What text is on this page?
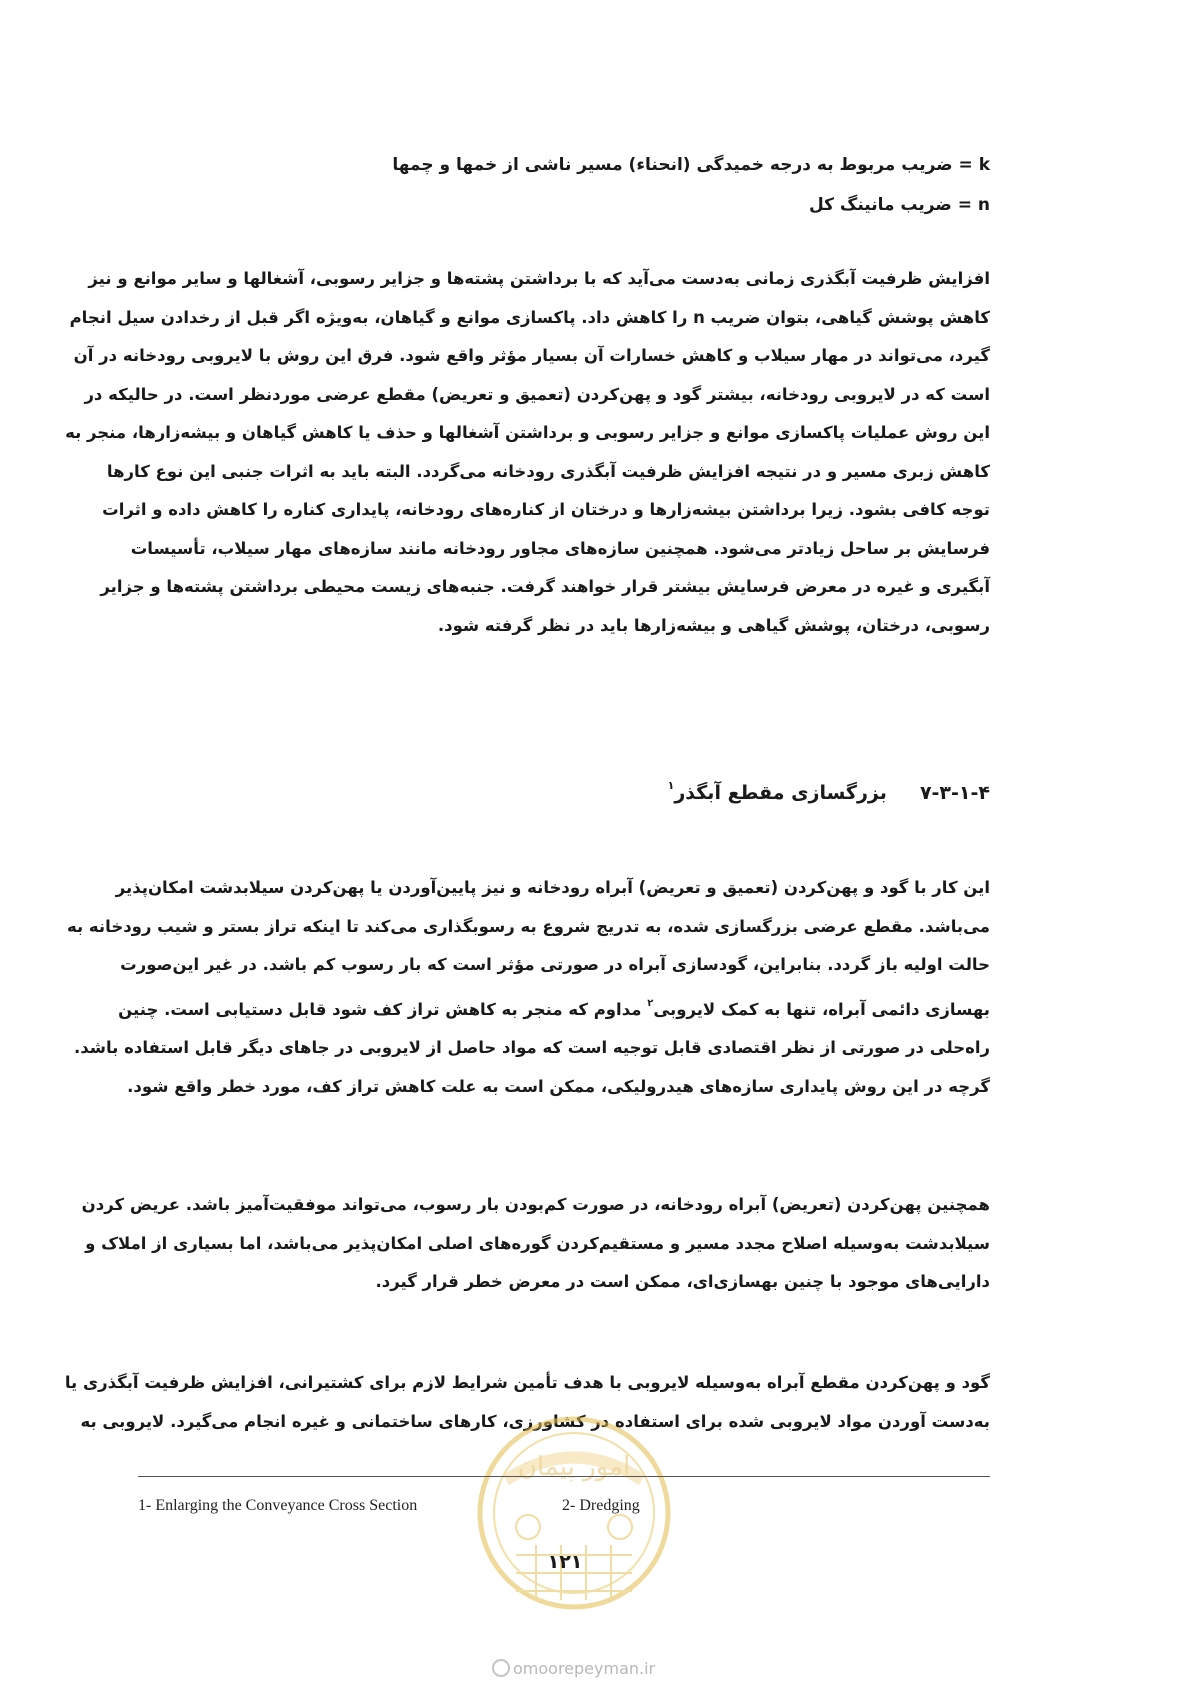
k = ضریب مربوط به درجه خمیدگی (انحناء) مسیر ناشی از خمها و چمها

n = ضریب مانینگ کل

افزایش ظرفیت آبگذری زمانی به‌دست می‌آید که با برداشتن پشته‌ها و جزایر رسوبی، آشغالها و سایر موانع و نیز
کاهش پوشش گیاهی، بتوان ضریب n را کاهش داد. پاکسازی موانع و گیاهان، به‌ویژه اگر قبل از رخدادن سیل انجام
گیرد، می‌تواند در مهار سیلاب و کاهش خسارات آن بسیار مؤثر واقع شود. فرق این روش با لایروبی رودخانه در آن
است که در لایروبی رودخانه، بیشتر گود و پهن‌کردن (تعمیق و تعریض) مقطع عرضی موردنظر است. در حالیکه در
این روش عملیات پاکسازی موانع و جزایر رسوبی و برداشتن آشغالها و حذف یا کاهش گیاهان و بیشه‌زارها، منجر به
کاهش زبری مسیر و در نتیجه افزایش ظرفیت آبگذری رودخانه می‌گردد. البته باید به اثرات جنبی این نوع کارها
توجه کافی بشود. زیرا برداشتن بیشه‌زارها و درختان از کناره‌های رودخانه، پایداری کناره را کاهش داده و اثرات
فرسایش بر ساحل زیادتر می‌شود. همچنین سازه‌های مجاور رودخانه مانند سازه‌های مهار سیلاب، تأسیسات
آبگیری و غیره در معرض فرسایش بیشتر قرار خواهند گرفت. جنبه‌های زیست محیطی برداشتن پشته‌ها و جزایر
رسوبی، درختان، پوشش گیاهی و بیشه‌زارها باید در نظر گرفته شود.
۷-۳-۱-۴     بزرگسازی مقطع آبگذر$^۱$
این کار با گود و پهن‌کردن (تعمیق و تعریض) آبراه رودخانه و نیز پایین‌آوردن یا پهن‌کردن سیلابدشت امکان‌پذیر
می‌باشد. مقطع عرضی بزرگسازی شده، به تدریج شروع به رسوبگذاری می‌کند تا اینکه تراز بستر و شیب رودخانه به
حالت اولیه باز گردد. بنابراین، گودسازی آبراه در صورتی مؤثر است که بار رسوب کم باشد. در غیر این‌صورت
بهسازی دائمی آبراه، تنها به کمک لایروبی$^۲$ مداوم که منجر به کاهش تراز کف شود قابل دستیابی است. چنین
راه‌حلی در صورتی از نظر اقتصادی قابل توجیه است که مواد حاصل از لایروبی در جاهای دیگر قابل استفاده باشد.
گرچه در این روش پایداری سازه‌های هیدرولیکی، ممکن است به علت کاهش تراز کف، مورد خطر واقع شود.
همچنین پهن‌کردن (تعریض) آبراه رودخانه، در صورت کم‌بودن بار رسوب، می‌تواند موفقیت‌آمیز باشد. عریض کردن
سیلابدشت به‌وسیله اصلاح مجدد مسیر و مستقیم‌کردن گوره‌های اصلی امکان‌پذیر می‌باشد، اما بسیاری از املاک و
دارایی‌های موجود با چنین بهسازی‌ای، ممکن است در معرض خطر قرار گیرد.
گود و پهن‌کردن مقطع آبراه به‌وسیله لایروبی با هدف تأمین شرایط لازم برای کشتیرانی، افزایش ظرفیت آبگذری یا
به‌دست آوردن مواد لایروبی شده برای استفاده در کشاورزی، کارهای ساختمانی و غیره انجام می‌گیرد. لایروبی به
امور پیمان
1- Enlarging the Conveyance Cross Section	2- Dredging
۱۲۱
omoorepeyman.ir
